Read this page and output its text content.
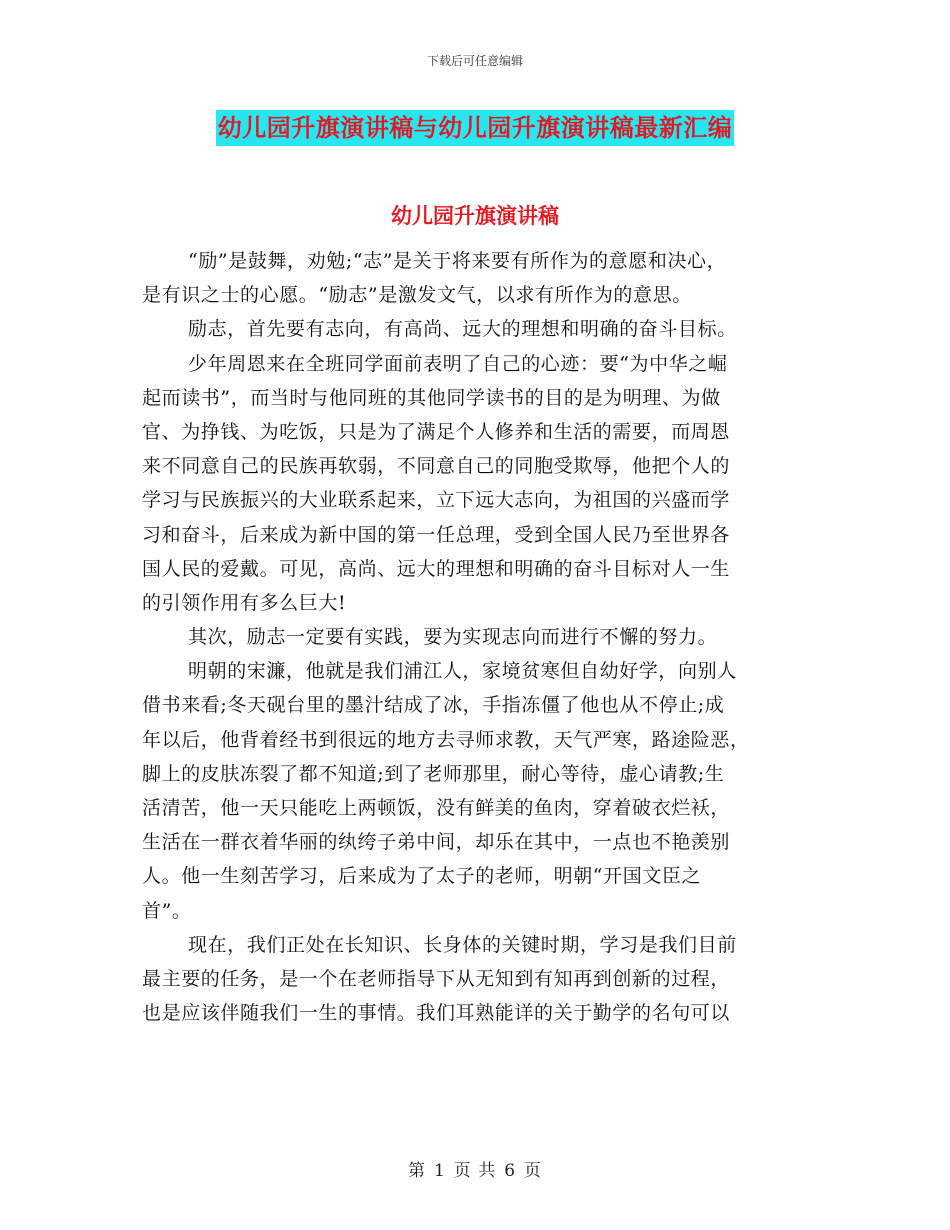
下载后可任意编辑
幼儿园升旗演讲稿与幼儿园升旗演讲稿最新汇编
幼儿园升旗演讲稿
“励”是鼓舞，劝勉;“志”是关于将来要有所作为的意愿和决心，
是有识之士的心愿。“励志”是激发文气，以求有所作为的意思。
励志，首先要有志向，有高尚、远大的理想和明确的奋斗目标。
少年周恩来在全班同学面前表明了自己的心迹：要“为中华之崛
起而读书”，而当时与他同班的其他同学读书的目的是为明理、为做
官、为挣钱、为吃饭，只是为了满足个人修养和生活的需要，而周恩
来不同意自己的民族再软弱，不同意自己的同胞受欺辱，他把个人的
学习与民族振兴的大业联系起来，立下远大志向，为祖国的兴盛而学
习和奋斗，后来成为新中国的第一任总理，受到全国人民乃至世界各
国人民的爱戴。可见，高尚、远大的理想和明确的奋斗目标对人一生
的引领作用有多么巨大!
其次，励志一定要有实践，要为实现志向而进行不懈的努力。
明朝的宋濂，他就是我们浦江人，家境贫寒但自幼好学，向别人
借书来看;冬天砚台里的墨汁结成了冰，手指冻僵了他也从不停止;成
年以后，他背着经书到很远的地方去寻师求教，天气严寒，路途险恶，
脚上的皮肤冻裂了都不知道;到了老师那里，耐心等待，虚心请教;生
活清苦，他一天只能吃上两顿饭，没有鲜美的鱼肉，穿着破衣烂袄，
生活在一群衣着华丽的纨绔子弟中间，却乐在其中，一点也不艳羡别
人。他一生刻苦学习，后来成为了太子的老师，明朝“开国文臣之
首”。
现在，我们正处在长知识、长身体的关键时期，学习是我们目前
最主要的任务，是一个在老师指导下从无知到有知再到创新的过程，
也是应该伴随我们一生的事情。我们耳熟能详的关于勤学的名句可以
第 1 页 共 6 页
